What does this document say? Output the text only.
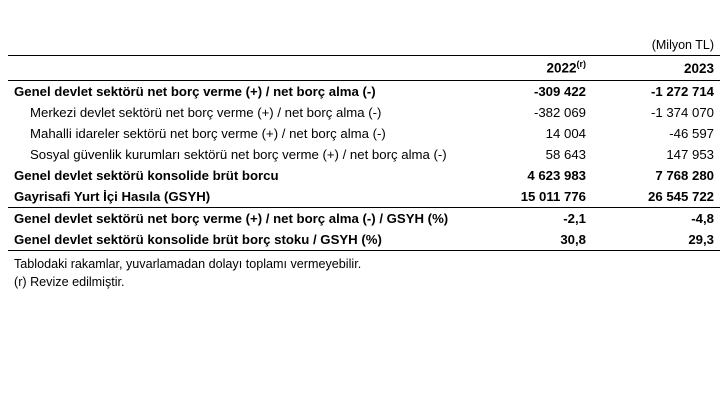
(Milyon TL)
	2022$^{(r)}$	2023
Genel devlet sektörü net borç verme (+) / net borç alma (-)	-309 422	-1 272 714
Merkezi devlet sektörü net borç verme (+) / net borç alma (-)	-382 069	-1 374 070
Mahalli idareler sektörü net borç verme (+) / net borç alma (-)	14 004	-46 597
Sosyal güvenlik kurumları sektörü net borç verme (+) / net borç alma (-)	58 643	147 953
Genel devlet sektörü konsolide brüt borcu	4 623 983	7 768 280
Gayrisafi Yurt İçi Hasıla (GSYH)	15 011 776	26 545 722
Genel devlet sektörü net borç verme (+) / net borç alma (-) / GSYH (%)	-2,1	-4,8
Genel devlet sektörü konsolide brüt borç stoku / GSYH (%)	30,8	29,3
Tablodaki rakamlar, yuvarlamadan dolayı toplamı vermeyebilir.
(r) Revize edilmiştir.
